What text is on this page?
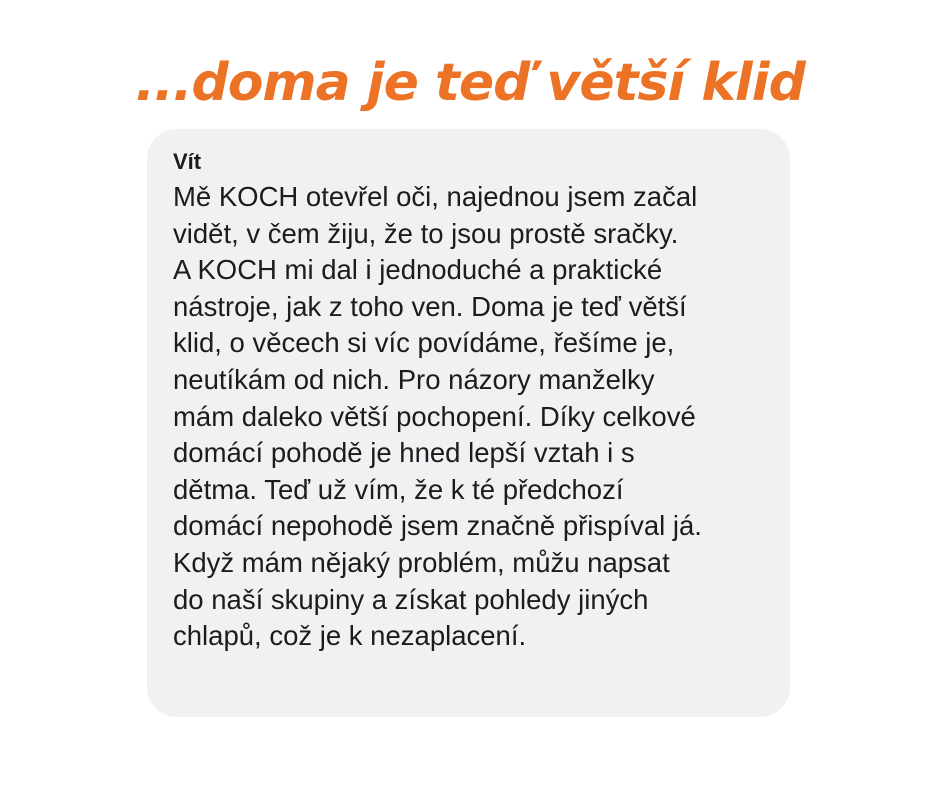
...doma je teď větší klid
Vít
Mě KOCH otevřel oči, najednou jsem začal
vidět, v čem žiju, že to jsou prostě sračky.
A KOCH mi dal i jednoduché a praktické
nástroje, jak z toho ven. Doma je teď větší
klid, o věcech si víc povídáme, řešíme je,
neutíkám od nich. Pro názory manželky
mám daleko větší pochopení. Díky celkové
domácí pohodě je hned lepší vztah i s
dětma. Teď už vím, že k té předchozí
domácí nepohodě jsem značně přispíval já.
Když mám nějaký problém, můžu napsat
do naší skupiny a získat pohledy jiných
chlapů, což je k nezaplacení.
